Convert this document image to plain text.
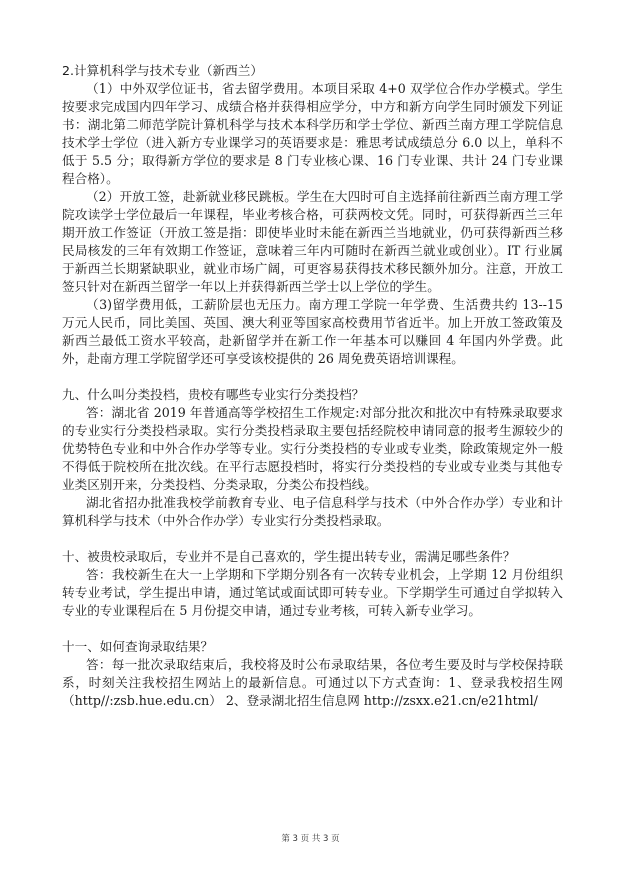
2.计算机科学与技术专业（新西兰）

（1）中外双学位证书，省去留学费用。本项目采取 4+0 双学位合作办学模式。学生按要求完成国内四年学习、成绩合格并获得相应学分，中方和新方向学生同时颁发下列证书：湖北第二师范学院计算机科学与技术本科学历和学士学位、新西兰南方理工学院信息技术学士学位（进入新方专业课学习的英语要求是：雅思考试成绩总分 6.0 以上，单科不低于 5.5 分；取得新方学位的要求是 8 门专业核心课、16 门专业课、共计 24 门专业课程合格）。

（2）开放工签，赴新就业移民跳板。学生在大四时可自主选择前往新西兰南方理工学院攻读学士学位最后一年课程，毕业考核合格，可获两校文凭。同时，可获得新西兰三年期开放工作签证（开放工签是指：即使毕业时未能在新西兰当地就业，仍可获得新西兰移民局核发的三年有效期工作签证，意味着三年内可随时在新西兰就业或创业）。IT 行业属于新西兰长期紧缺职业，就业市场广阔，可更容易获得技术移民额外加分。注意，开放工签只针对在新西兰留学一年以上并获得新西兰学士以上学位的学生。

（3)留学费用低，工薪阶层也无压力。南方理工学院一年学费、生活费共约 13--15 万元人民币，同比美国、英国、澳大利亚等国家高校费用节省近半。加上开放工签政策及新西兰最低工资水平较高，赴新留学并在新工作一年基本可以赚回 4 年国内外学费。此外，赴南方理工学院留学还可享受该校提供的 26 周免费英语培训课程。

九、什么叫分类投档，贵校有哪些专业实行分类投档？

答：湖北省 2019 年普通高等学校招生工作规定:对部分批次和批次中有特殊录取要求的专业实行分类投档录取。实行分类投档录取主要包括经院校申请同意的报考生源较少的优势特色专业和中外合作办学等专业。实行分类投档的专业或专业类，除政策规定外一般不得低于院校所在批次线。在平行志愿投档时，将实行分类投档的专业或专业类与其他专业类区别开来，分类投档、分类录取，分类公布投档线。

湖北省招办批准我校学前教育专业、电子信息科学与技术（中外合作办学）专业和计算机科学与技术（中外合作办学）专业实行分类投档录取。

十、被贵校录取后，专业并不是自己喜欢的，学生提出转专业，需满足哪些条件？

答：我校新生在大一上学期和下学期分别各有一次转专业机会，上学期 12 月份组织转专业考试，学生提出申请，通过笔试或面试即可转专业。下学期学生可通过自学拟转入专业的专业课程后在 5 月份提交申请，通过专业考核，可转入新专业学习。

十一、如何查询录取结果？

答：每一批次录取结束后，我校将及时公布录取结果，各位考生要及时与学校保持联系，时刻关注我校招生网站上的最新信息。可通过以下方式查询：1、登录我校招生网（http//:zsb.hue.edu.cn） 2、登录湖北招生信息网 http://zsxx.e21.cn/e21html/

第 3 页 共 3 页
